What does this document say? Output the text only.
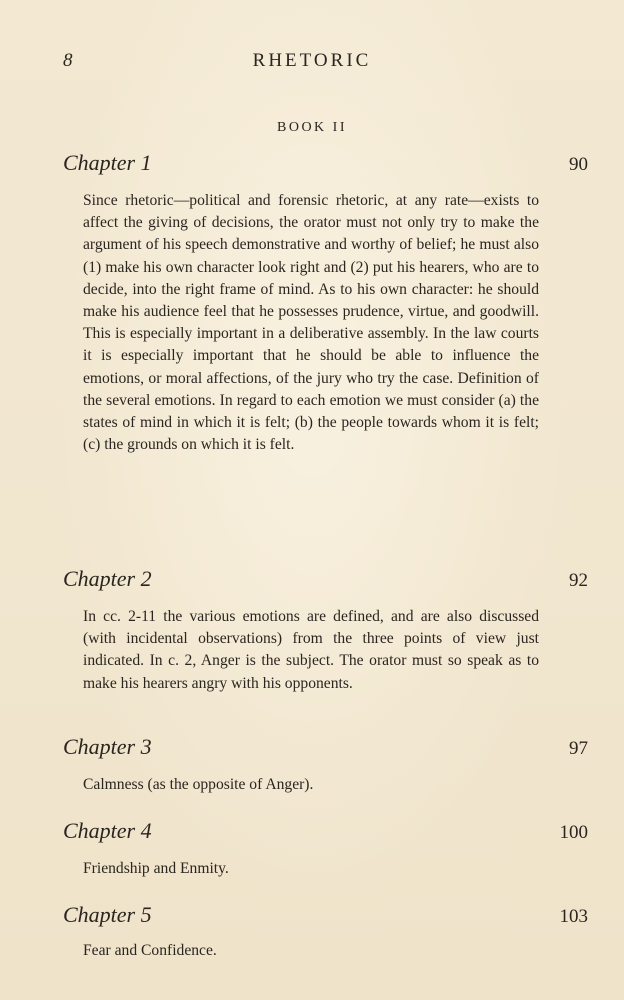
8	RHETORIC
BOOK II
Chapter 1	90
Since rhetoric—political and forensic rhetoric, at any rate—exists to affect the giving of decisions, the orator must not only try to make the argument of his speech demonstrative and worthy of belief; he must also (1) make his own character look right and (2) put his hearers, who are to decide, into the right frame of mind. As to his own character: he should make his audience feel that he possesses prudence, virtue, and goodwill. This is especially important in a deliberative assembly. In the law courts it is especially important that he should be able to influence the emotions, or moral affections, of the jury who try the case. Definition of the several emotions. In regard to each emotion we must consider (a) the states of mind in which it is felt; (b) the people towards whom it is felt; (c) the grounds on which it is felt.
Chapter 2	92
In cc. 2-11 the various emotions are defined, and are also discussed (with incidental observations) from the three points of view just indicated. In c. 2, Anger is the subject. The orator must so speak as to make his hearers angry with his opponents.
Chapter 3	97
Calmness (as the opposite of Anger).
Chapter 4	100
Friendship and Enmity.
Chapter 5	103
Fear and Confidence.
